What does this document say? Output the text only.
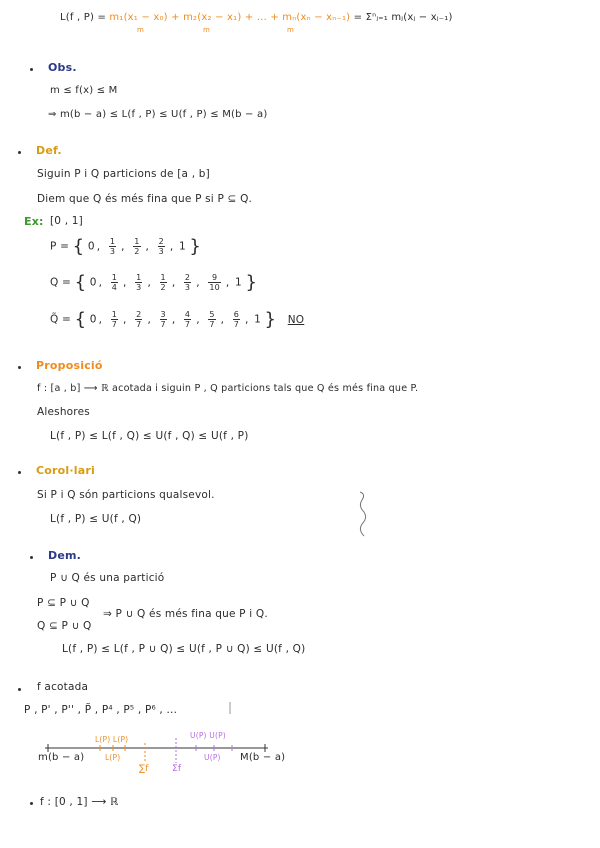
L(f , P) = m₁(x₁ − x₀) + m₂(x₂ − x₁) + ... + mₙ(xₙ − xₙ₋₁) = Σⁿⱼ₌₁ mⱼ(xⱼ − xⱼ₋₁)
m	m	m
Obs.
m ≤ f(x) ≤ M
⇒ m(b − a) ≤ L(f , P) ≤ U(f , P) ≤ M(b − a)
Def.
Siguin P i Q particions de [a , b]
Diem que Q és més fina que P si P ⊆ Q.
Ex: [0 , 1]
P = { 0 , $\frac{1}{3}$ , $\frac{1}{2}$ , $\frac{2}{3}$ , 1 }
Q = { 0 , $\frac{1}{4}$ , $\frac{1}{3}$ , $\frac{1}{2}$ , $\frac{2}{3}$ , $\frac{9}{10}$ , 1 }
Q̃ = { 0 , $\frac{1}{7}$ , $\frac{2}{7}$ , $\frac{3}{7}$ , $\frac{4}{7}$ , $\frac{5}{7}$ , $\frac{6}{7}$ , 1 } NO
Proposició
f : [a , b] ⟶ ℝ acotada i siguin P , Q particions tals que Q és més fina que P.
Aleshores
L(f , P) ≤ L(f , Q) ≤ U(f , Q) ≤ U(f , P)
Corol·lari
Si P i Q són particions qualsevol.
L(f , P) ≤ U(f , Q)
Dem.
P ∪ Q és una partició
P ⊆ P ∪ Q
Q ⊆ P ∪ Q
⇒ P ∪ Q és més fina que P i Q.
L(f , P) ≤ L(f , P ∪ Q) ≤ U(f , P ∪ Q) ≤ U(f , Q)
f acotada
P , P' , P'' , P̃ , P⁴ , P⁵ , P⁶ , ...
L(P) L(P)
L(P)
∑f
U(P) U(P)
U(P)
Σ̄f
m(b − a)	M(b − a)
f : [0 , 1] ⟶ ℝ
